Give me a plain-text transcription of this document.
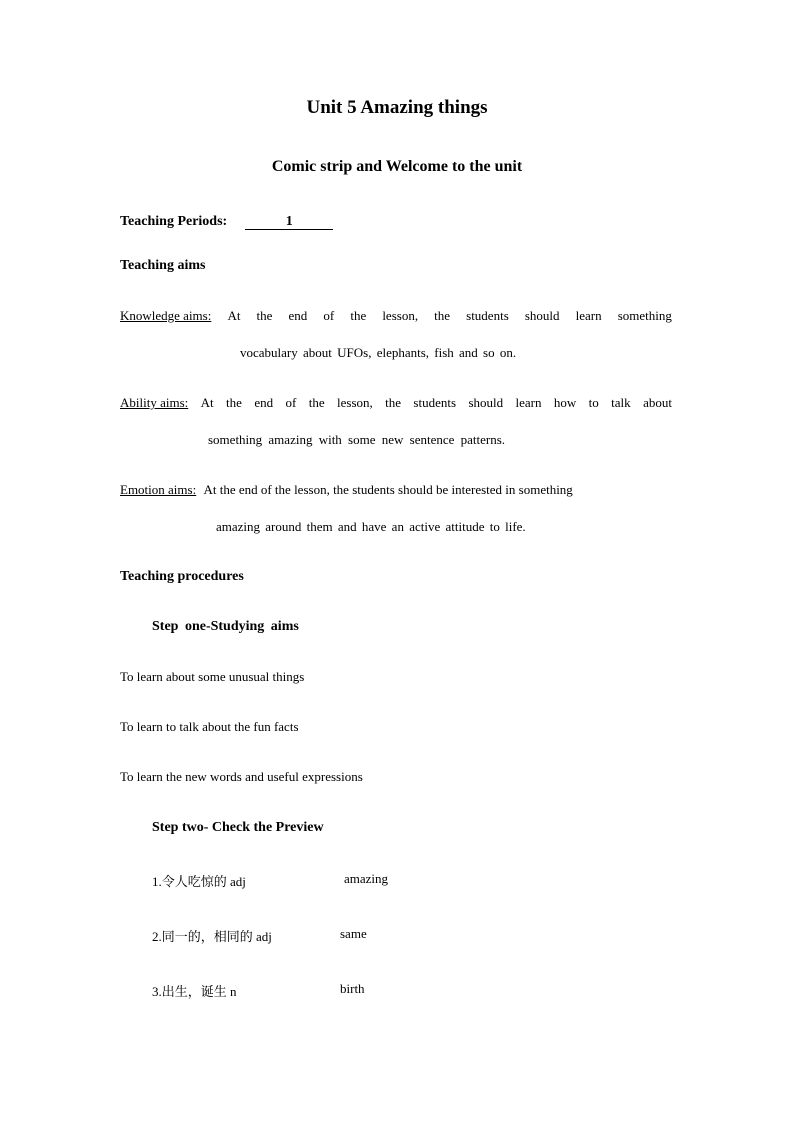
Unit 5 Amazing things
Comic strip and Welcome to the unit
Teaching Periods:	1
Teaching aims
Knowledge aims: At the end of the lesson, the students should learn something
vocabulary about UFOs, elephants, fish and so on.
Ability aims: At the end of the lesson, the students should learn how to talk about
something amazing with some new sentence patterns.
Emotion aims: At the end of the lesson, the students should be interested in something
amazing around them and have an active attitude to life.
Teaching procedures
Step one-Studying aims
To learn about some unusual things
To learn to talk about the fun facts
To learn the new words and useful expressions
Step two- Check the Preview
1.令人吃惊的 adj	amazing
2.同一的，相同的 adj	same
3.出生，诞生 n	birth
